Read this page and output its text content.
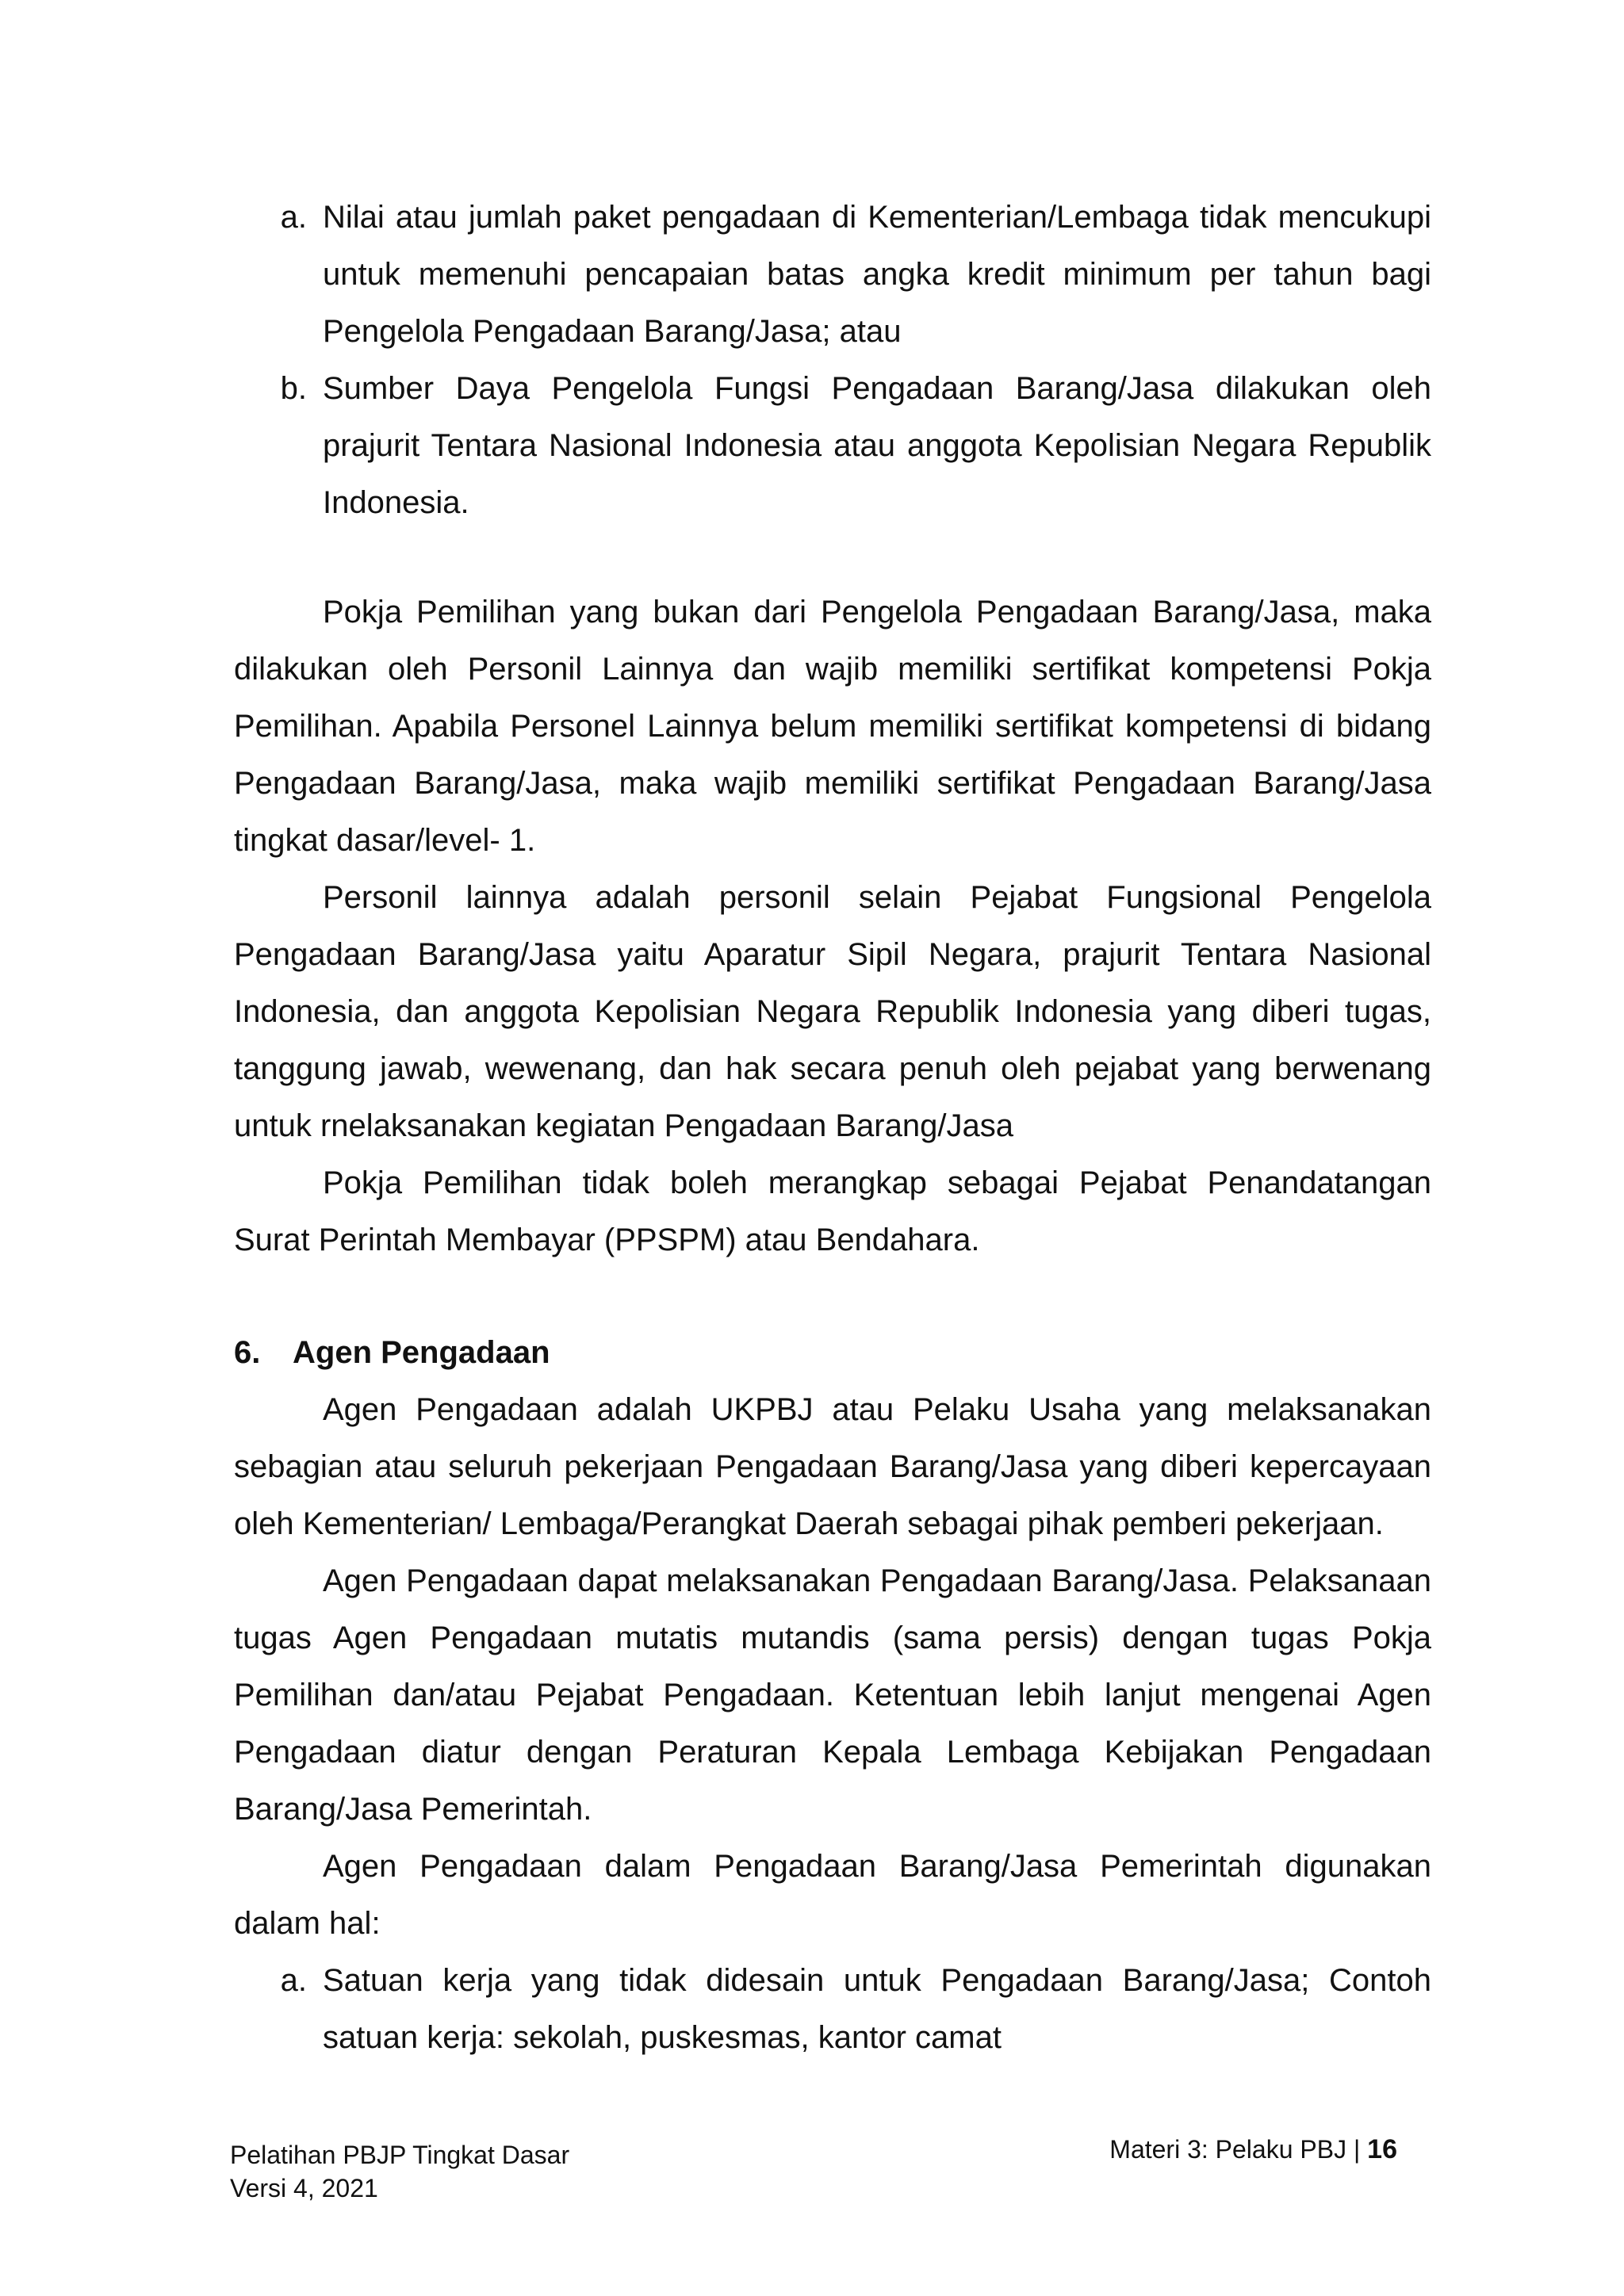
a. Nilai atau jumlah paket pengadaan di Kementerian/Lembaga tidak mencukupi untuk memenuhi pencapaian batas angka kredit minimum per tahun bagi Pengelola Pengadaan Barang/Jasa; atau
b. Sumber Daya Pengelola Fungsi Pengadaan Barang/Jasa dilakukan oleh prajurit Tentara Nasional Indonesia atau anggota Kepolisian Negara Republik Indonesia.

Pokja Pemilihan yang bukan dari Pengelola Pengadaan Barang/Jasa, maka dilakukan oleh Personil Lainnya dan wajib memiliki sertifikat kompetensi Pokja Pemilihan. Apabila Personel Lainnya belum memiliki sertifikat kompetensi di bidang Pengadaan Barang/Jasa, maka wajib memiliki sertifikat Pengadaan Barang/Jasa tingkat dasar/level- 1.

Personil lainnya adalah personil selain Pejabat Fungsional Pengelola Pengadaan Barang/Jasa yaitu Aparatur Sipil Negara, prajurit Tentara Nasional Indonesia, dan anggota Kepolisian Negara Republik Indonesia yang diberi tugas, tanggung jawab, wewenang, dan hak secara penuh oleh pejabat yang berwenang untuk rnelaksanakan kegiatan Pengadaan Barang/Jasa

Pokja Pemilihan tidak boleh merangkap sebagai Pejabat Penandatangan Surat Perintah Membayar (PPSPM) atau Bendahara.

6.	Agen Pengadaan

Agen Pengadaan adalah UKPBJ atau Pelaku Usaha yang melaksanakan sebagian atau seluruh pekerjaan Pengadaan Barang/Jasa yang diberi kepercayaan oleh Kementerian/ Lembaga/Perangkat Daerah sebagai pihak pemberi pekerjaan.

Agen Pengadaan dapat melaksanakan Pengadaan Barang/Jasa. Pelaksanaan tugas Agen Pengadaan mutatis mutandis (sama persis) dengan tugas Pokja Pemilihan dan/atau Pejabat Pengadaan. Ketentuan lebih lanjut mengenai Agen Pengadaan diatur dengan Peraturan Kepala Lembaga Kebijakan Pengadaan Barang/Jasa Pemerintah.

Agen Pengadaan dalam Pengadaan Barang/Jasa Pemerintah digunakan dalam hal:

a. Satuan kerja yang tidak didesain untuk Pengadaan Barang/Jasa; Contoh satuan kerja: sekolah, puskesmas, kantor camat
Pelatihan PBJP Tingkat Dasar
Versi 4, 2021
Materi 3: Pelaku PBJ | 16
